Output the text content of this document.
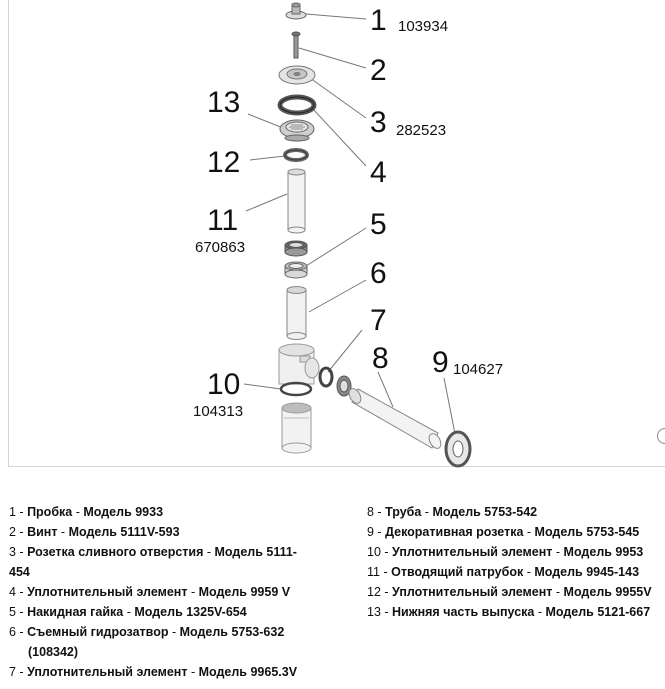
1 103934
2
3 282523
4
5
6
7
8 9 104627
10
104313
11
670863
12
13
1 - Пробка - Модель 9933
2 - Винт - Модель 5111V-593
3 - Розетка сливного отверстия - Модель 5111-
454
4 - Уплотнительный элемент - Модель 9959 V
5 - Накидная гайка - Модель 1325V-654
6 - Съемный гидрозатвор - Модель 5753-632
(108342)
7 - Уплотнительный элемент - Модель 9965.3V
8 - Труба - Модель 5753-542
9 - Декоративная розетка - Модель 5753-545
10 - Уплотнительный элемент - Модель 9953
11 - Отводящий патрубок - Модель 9945-143
12 - Уплотнительный элемент - Модель 9955V
13 - Нижняя часть выпуска - Модель 5121-667
